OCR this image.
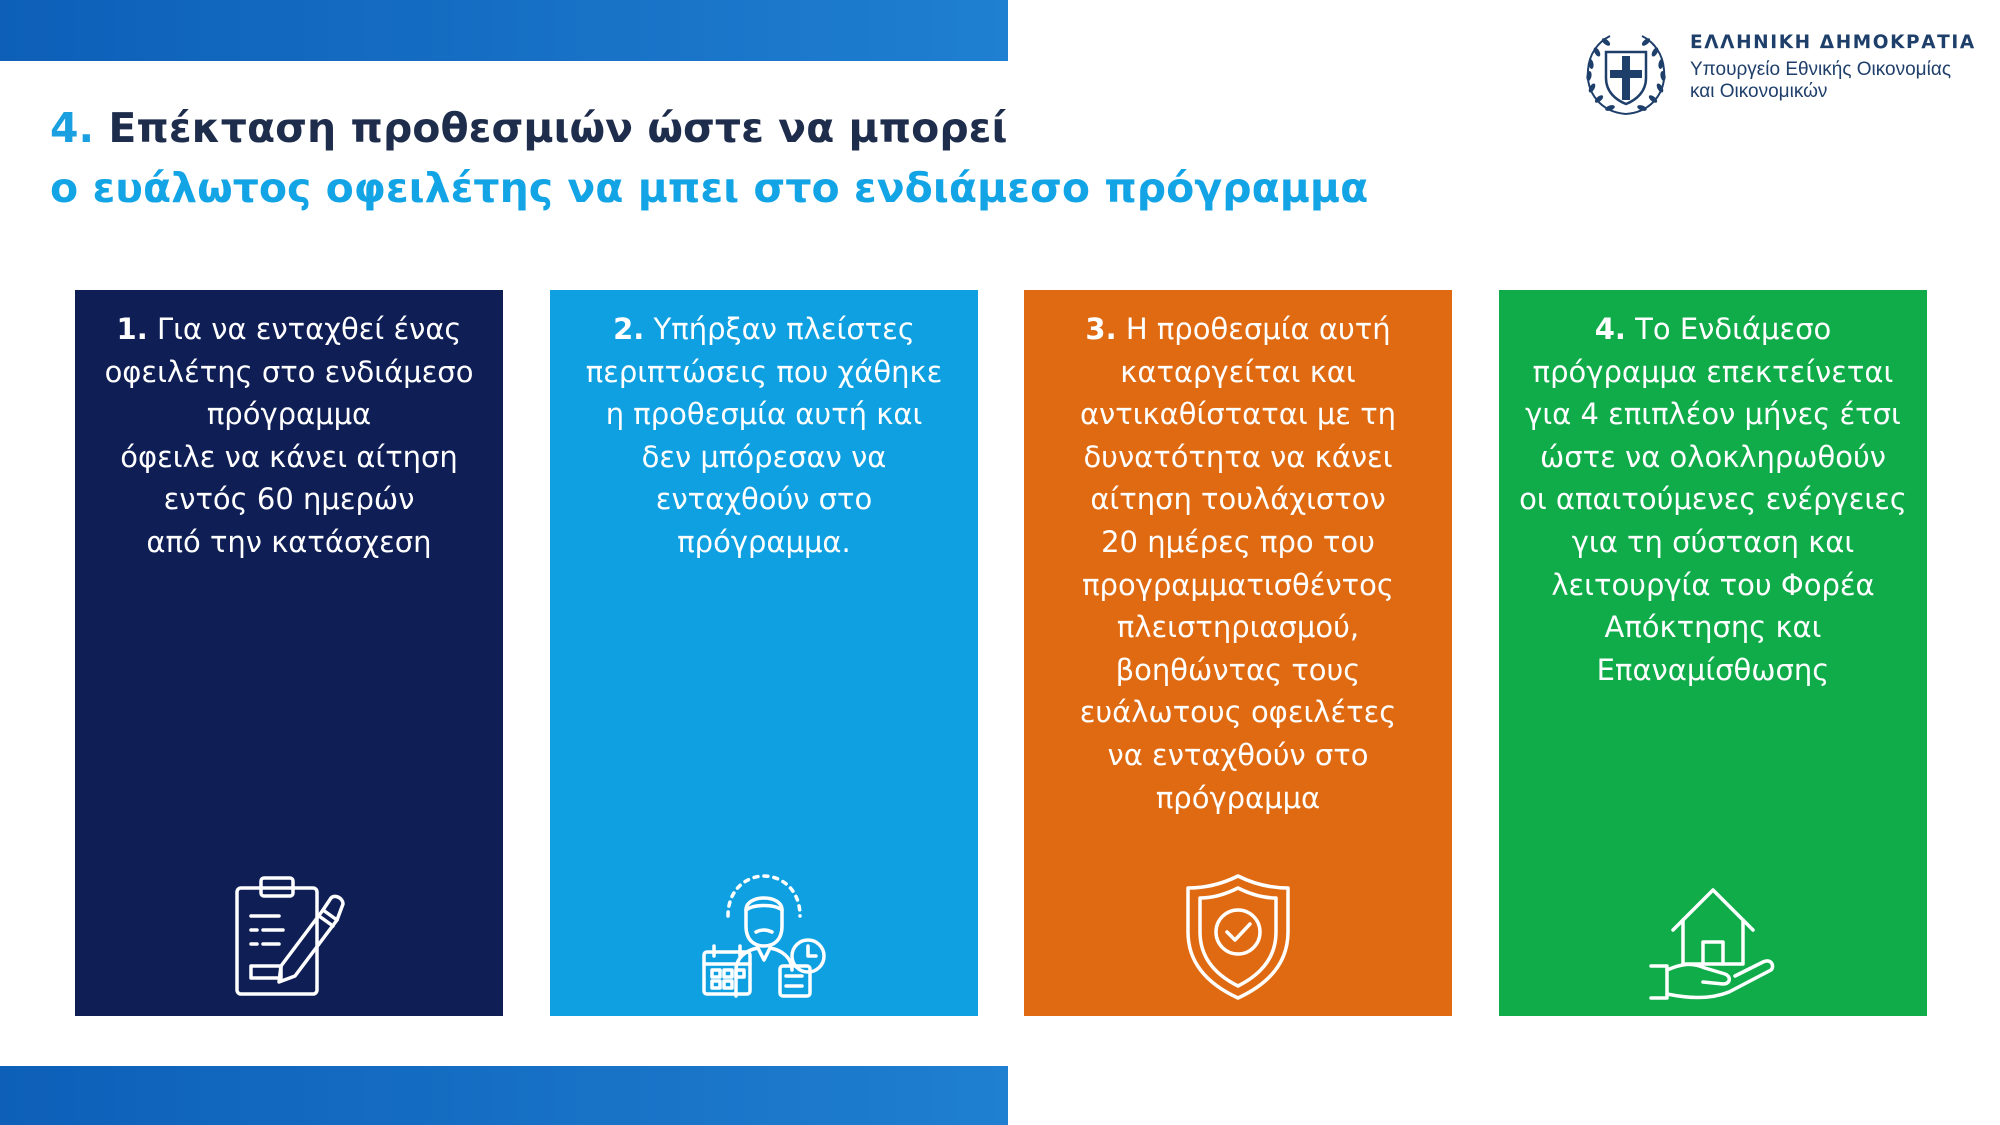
4. Επέκταση προθεσμιών ώστε να μπορεί
ο ευάλωτος οφειλέτης να μπει στο ενδιάμεσο πρόγραμμα
ΕΛΛΗΝΙΚΗ ΔΗΜΟΚΡΑΤΙΑ
Υπουργείο Εθνικής Οικονομίας
και Οικονομικών

1. Για να ενταχθεί ένας
οφειλέτης στο ενδιάμεσο
πρόγραμμα
όφειλε να κάνει αίτηση
εντός 60 ημερών
από την κατάσχεση

2. Υπήρξαν πλείστες
περιπτώσεις που χάθηκε
η προθεσμία αυτή και
δεν μπόρεσαν να
ενταχθούν στο
πρόγραμμα.

3. Η προθεσμία αυτή
καταργείται και
αντικαθίσταται με τη
δυνατότητα να κάνει
αίτηση τουλάχιστον
20 ημέρες προ του
προγραμματισθέντος
πλειστηριασμού,
βοηθώντας τους
ευάλωτους οφειλέτες
να ενταχθούν στο
πρόγραμμα

4. Το Ενδιάμεσο
πρόγραμμα επεκτείνεται
για 4 επιπλέον μήνες έτσι
ώστε να ολοκληρωθούν
οι απαιτούμενες ενέργειες
για τη σύσταση και
λειτουργία του Φορέα
Απόκτησης και
Επαναμίσθωσης
